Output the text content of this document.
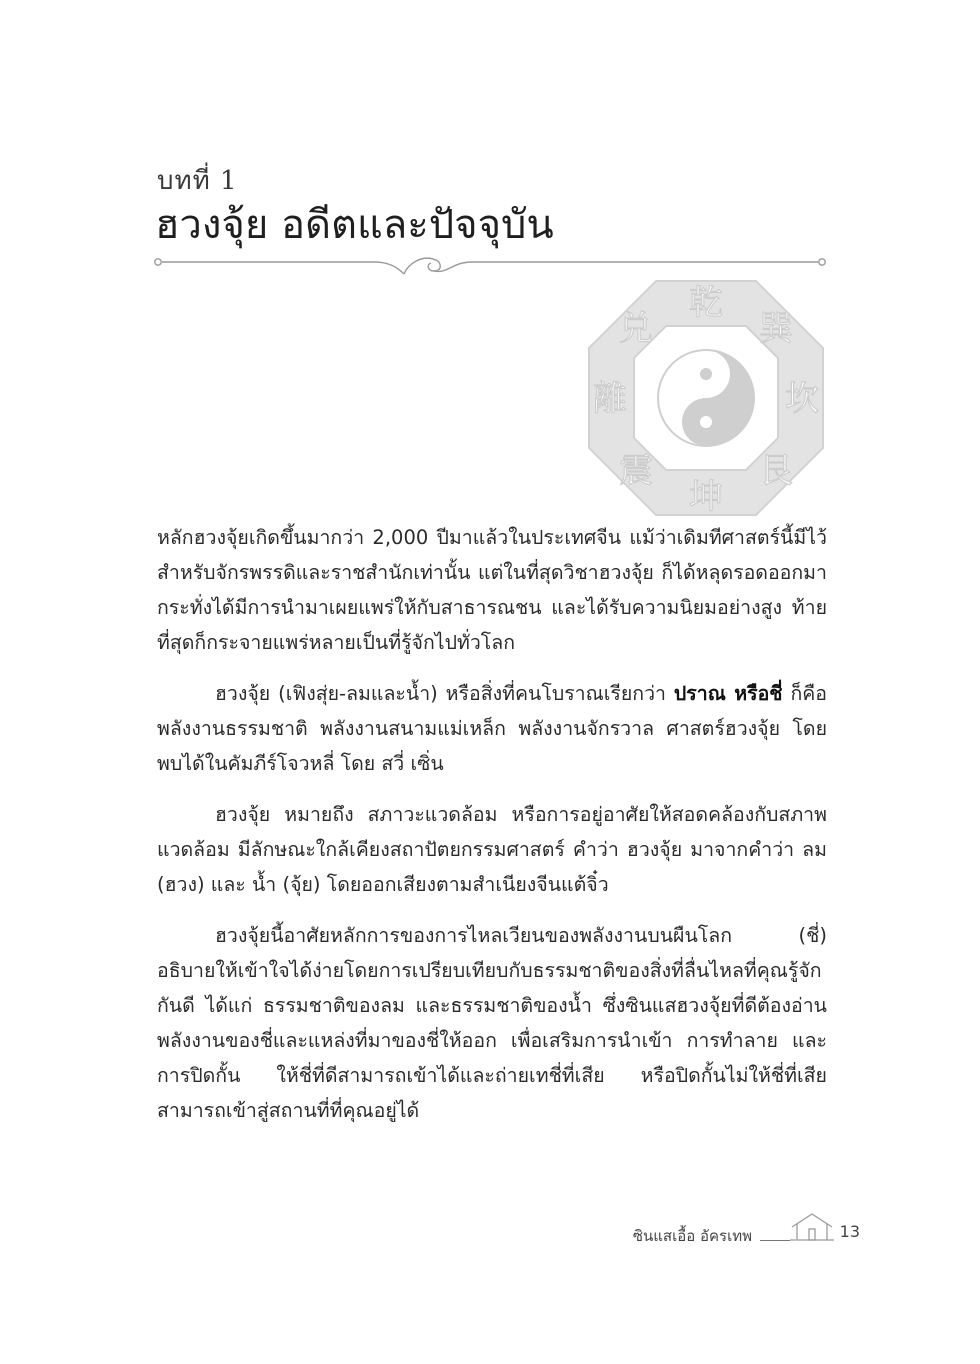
บทที่ 1
ฮวงจุ้ย อดีตและปัจจุบัน
乾
巽
坎
艮
坤
震
離
兑

หลักฮวงจุ้ยเกิดขึ้นมากว่า 2,000 ปีมาแล้วในประเทศจีน แม้ว่าเดิมทีศาสตร์นี้มีไว้สำหรับจักรพรรดิและราชสำนักเท่านั้น แต่ในที่สุดวิชาฮวงจุ้ย ก็ได้หลุดรอดออกมา กระทั่งได้มีการนำมาเผยแพร่ให้กับสาธารณชน และได้รับความนิยมอย่างสูง ท้ายที่สุดก็กระจายแพร่หลายเป็นที่รู้จักไปทั่วโลก

ฮวงจุ้ย (เฟิงสุ่ย-ลมและน้ำ) หรือสิ่งที่คนโบราณเรียกว่า ปราณ หรือชี่ ก็คือพลังงานธรรมชาติ พลังงานสนามแม่เหล็ก พลังงานจักรวาล ศาสตร์ฮวงจุ้ย โดยพบได้ในคัมภีร์โจวหลี่ โดย สวี่ เซิ่น

ฮวงจุ้ย หมายถึง สภาวะแวดล้อม หรือการอยู่อาศัยให้สอดคล้องกับสภาพแวดล้อม มีลักษณะใกล้เคียงสถาปัตยกรรมศาสตร์ คำว่า ฮวงจุ้ย มาจากคำว่า ลม (ฮวง) และ น้ำ (จุ้ย) โดยออกเสียงตามสำเนียงจีนแต้จิ๋ว

ฮวงจุ้ยนี้อาศัยหลักการของการไหลเวียนของพลังงานบนผืนโลก (ชี่) อธิบายให้เข้าใจได้ง่ายโดยการเปรียบเทียบกับธรรมชาติของสิ่งที่ลื่นไหลที่คุณรู้จักกันดี ได้แก่ ธรรมชาติของลม และธรรมชาติของน้ำ ซึ่งซินแสฮวงจุ้ยที่ดีต้องอ่านพลังงานของชี่และแหล่งที่มาของชี่ให้ออก เพื่อเสริมการนำเข้า การทำลาย และการปิดกั้น ให้ชี่ที่ดีสามารถเข้าได้และถ่ายเทชี่ที่เสีย หรือปิดกั้นไม่ให้ชี่ที่เสียสามารถเข้าสู่สถานที่ที่คุณอยู่ได้

ซินแสเอื้อ อัครเทพ	13
